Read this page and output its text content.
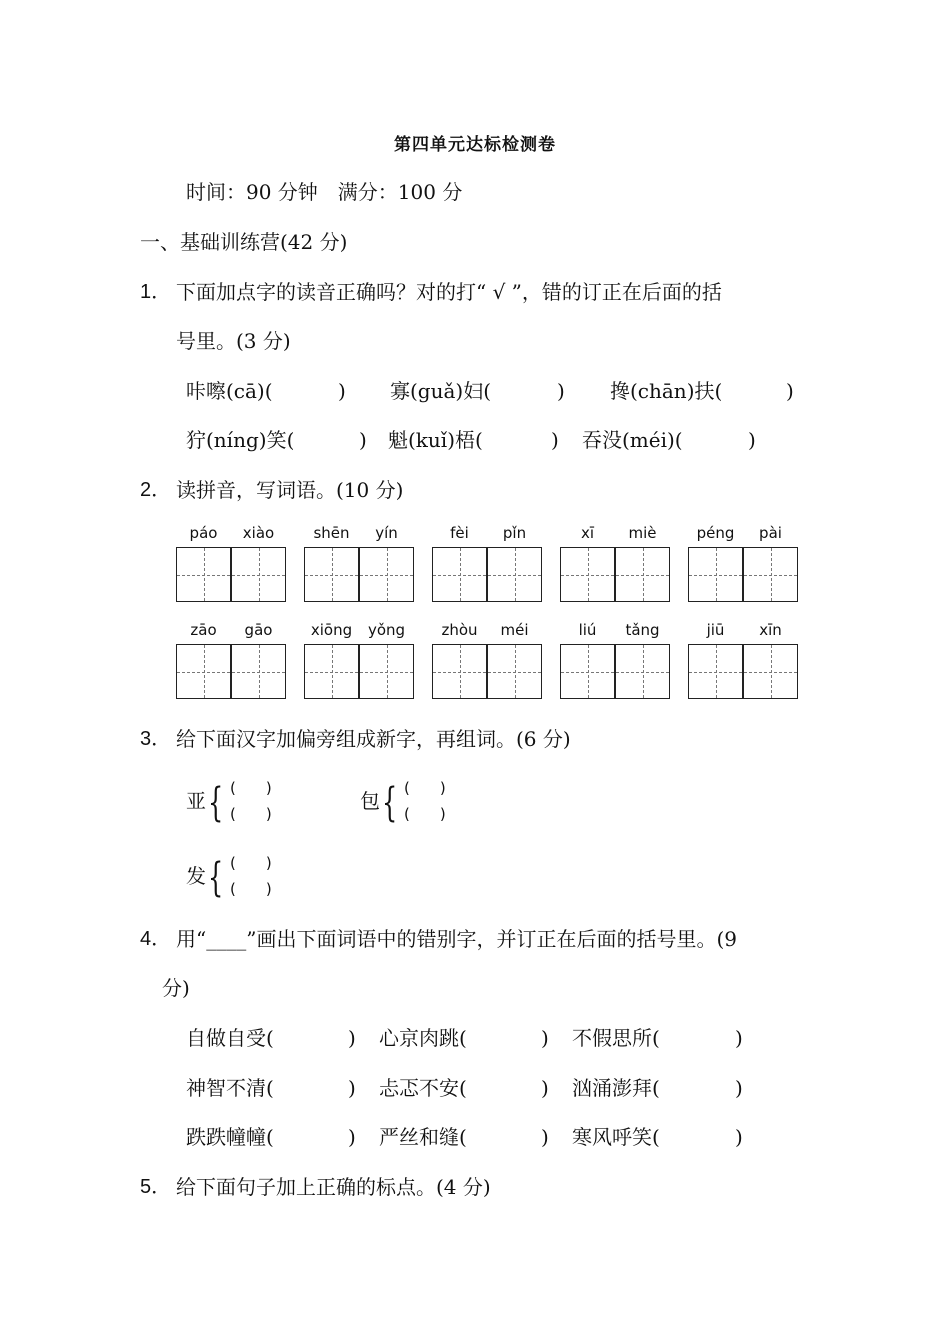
第四单元达标检测卷
时间：90 分钟　满分：100 分
一、基础训练营(42 分)
1． 下面加点字的读音正确吗？对的打“ √ ”，错的订正在后面的括
号里。(3 分)
咔嚓(cā)(	) 寡(guǎ)妇(	) 搀(chān)扶(	)
狞(níng)笑(	) 魁(kuǐ)梧(	) 吞没(méi)(	)
2． 读拼音，写词语。(10 分)
páo	xiào	shēn	yín	fèi	pǐn	xī	miè	péng	pài
zāo	gāo	xiōng	yǒng	zhòu	méi	liú	tǎng	jiū	xīn
3． 给下面汉字加偏旁组成新字，再组词。(6 分)
亚 { (　　)
(　　)
包 { (　　)
(　　)
发 { (　　)
(　　)
4． 用“____”画出下面词语中的错别字，并订正在后面的括号里。(9
分)
自做自受(	) 心京肉跳(	) 不假思所(	)
神智不清(	) 忐忑不安(	) 汹涌澎拜(	)
跌跌幢幢(	) 严丝和缝(	) 寒风呼笑(	)
5． 给下面句子加上正确的标点。(4 分)
